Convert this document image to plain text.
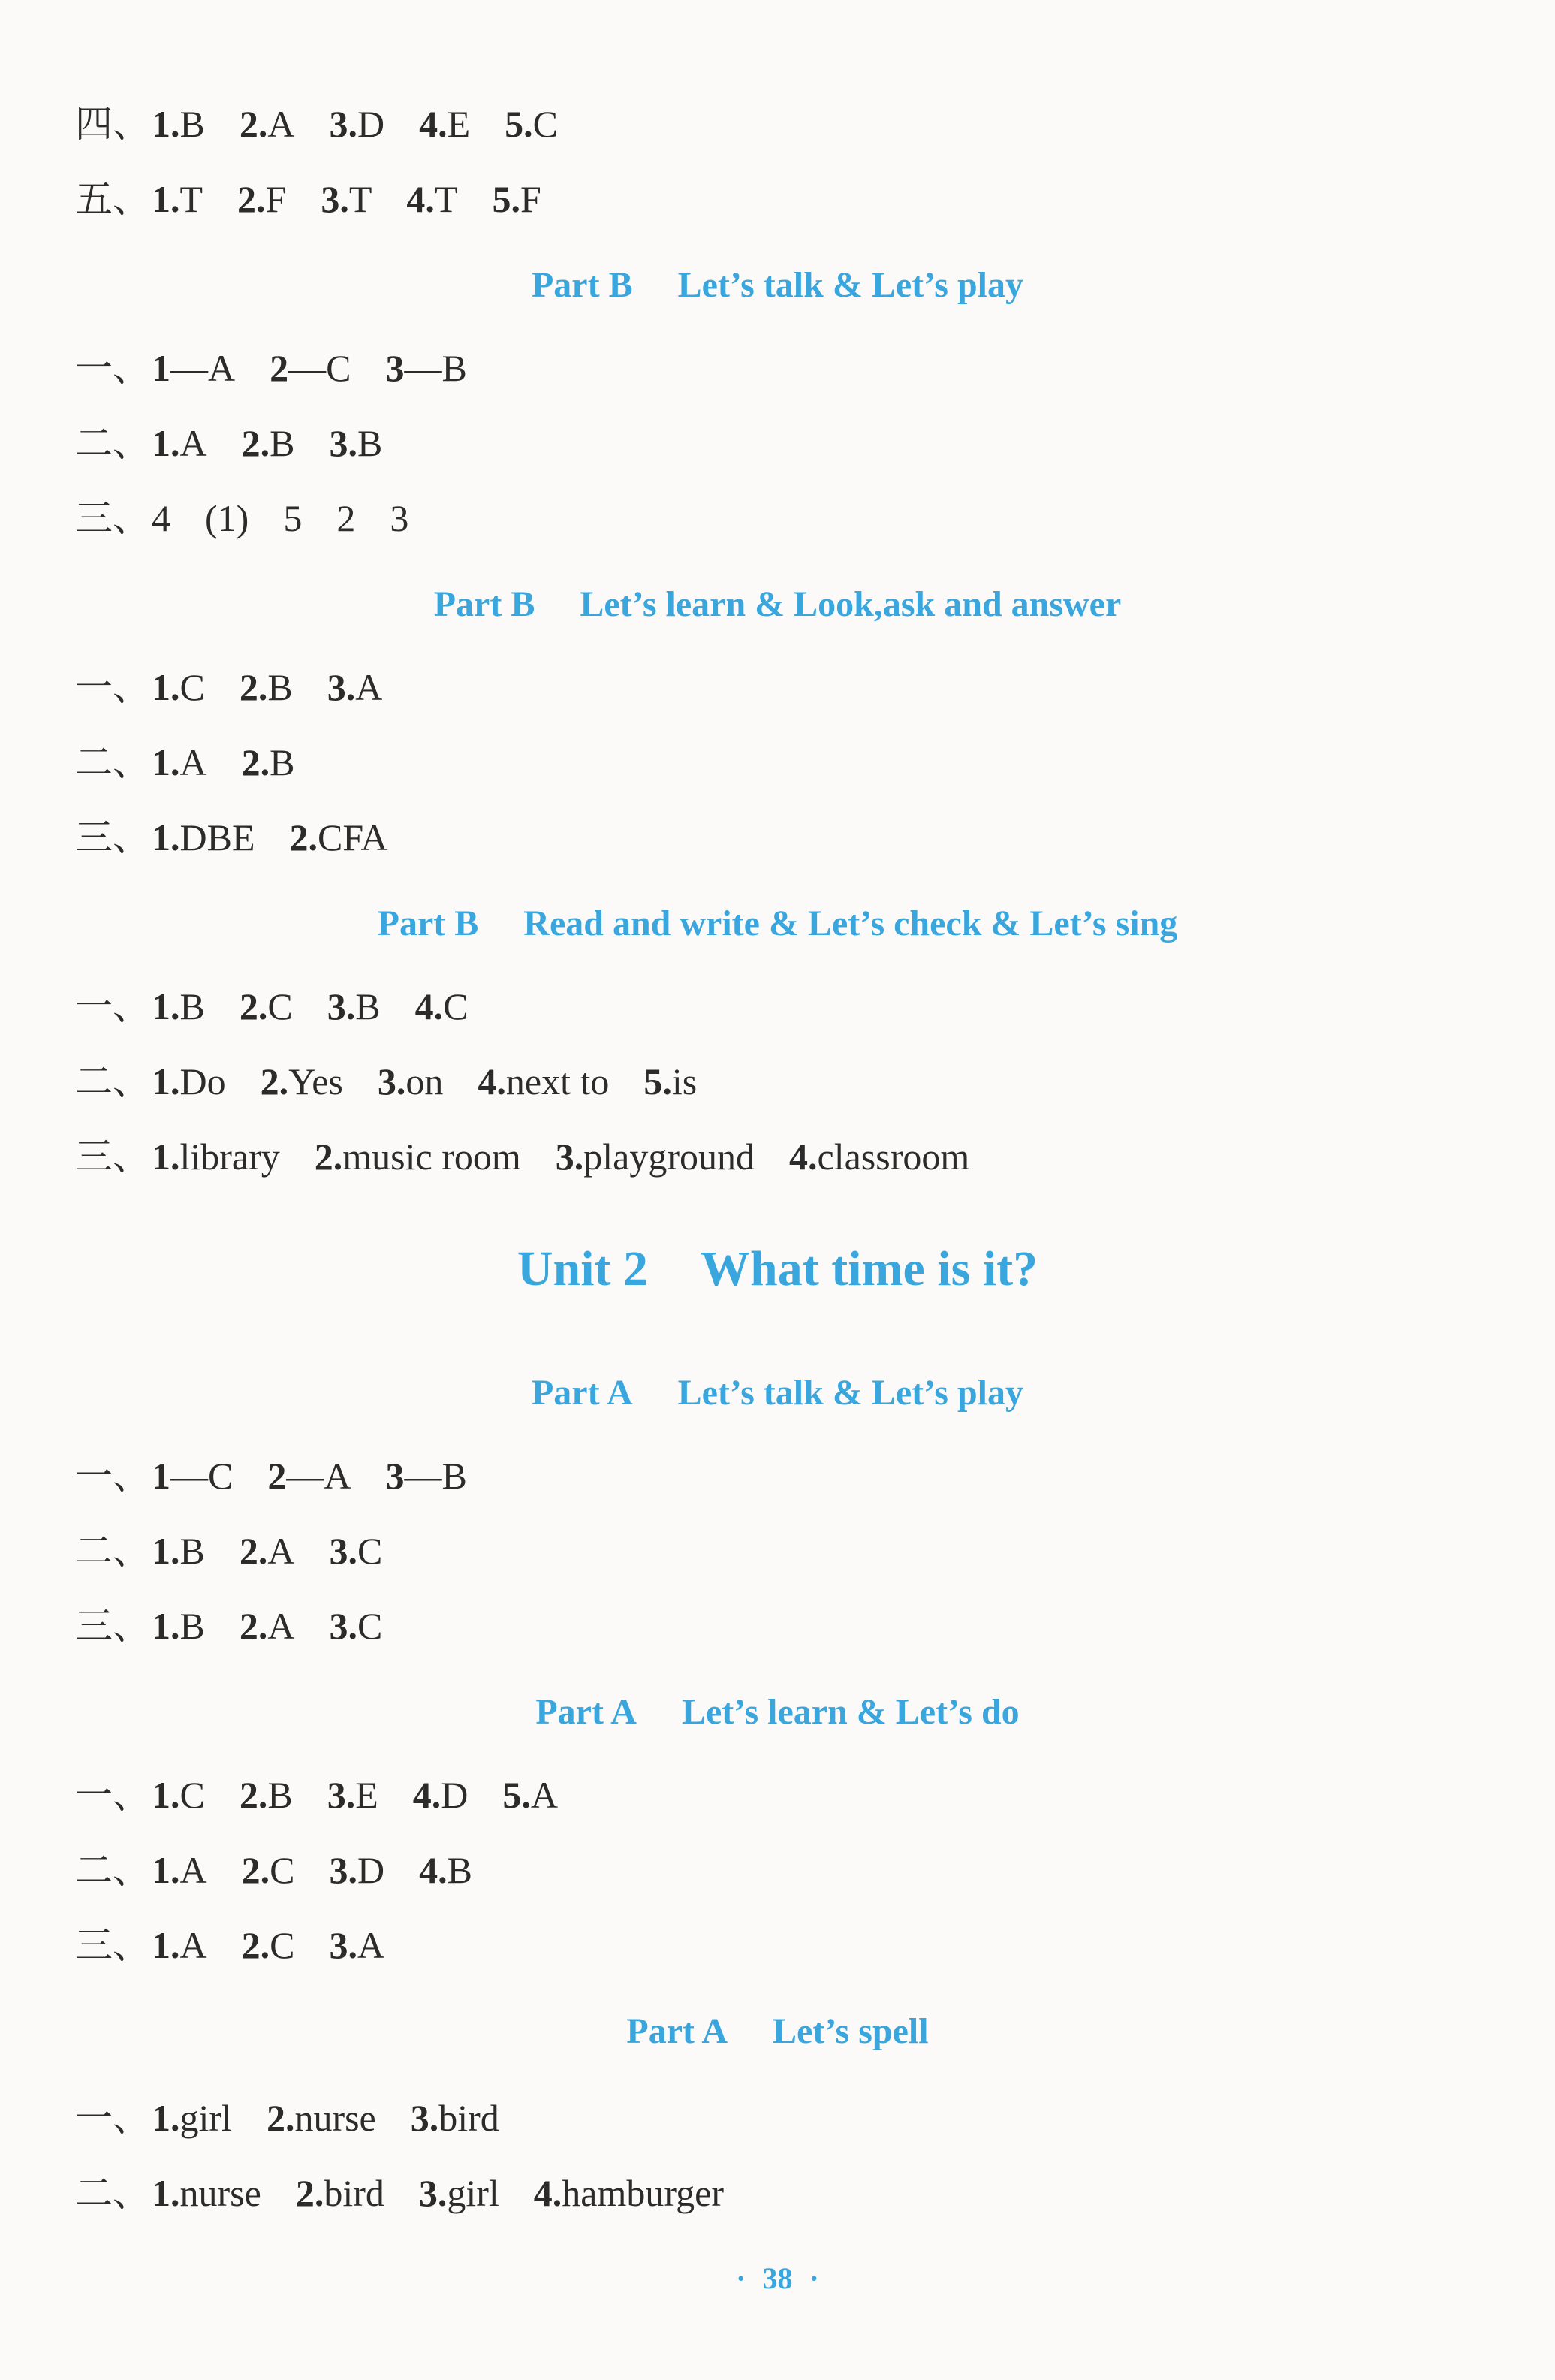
四、1.B 2.A 3.D 4.E 5.C
五、1.T 2.F 3.T 4.T 5.F
Part B Let’s talk & Let’s play
一、1—A 2—C 3—B
二、1.A 2.B 3.B
三、4 (1) 5 2 3
Part B Let’s learn & Look,ask and answer
一、1.C 2.B 3.A
二、1.A 2.B
三、1.DBE 2.CFA
Part B Read and write & Let’s check & Let’s sing
一、1.B 2.C 3.B 4.C
二、1.Do 2.Yes 3.on 4.next to 5.is
三、1.library 2.music room 3.playground 4.classroom
Unit 2 What time is it?
Part A Let’s talk & Let’s play
一、1—C 2—A 3—B
二、1.B 2.A 3.C
三、1.B 2.A 3.C
Part A Let’s learn & Let’s do
一、1.C 2.B 3.E 4.D 5.A
二、1.A 2.C 3.D 4.B
三、1.A 2.C 3.A
Part A Let’s spell
一、1.girl 2.nurse 3.bird
二、1.nurse 2.bird 3.girl 4.hamburger
· 38 ·
